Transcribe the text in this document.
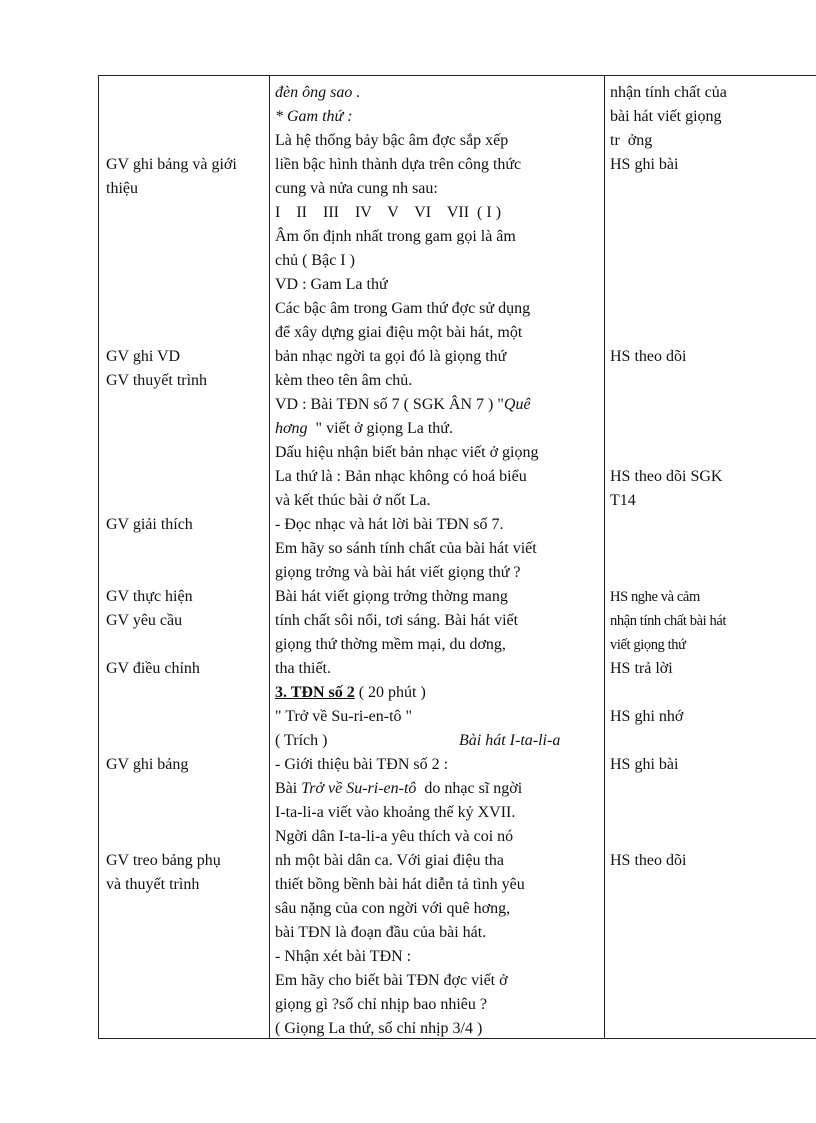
GV ghi bảng và giới
thiệu
GV ghi VD
GV thuyết trình
GV giải thích
GV thực hiện
GV yêu cầu
GV điều chỉnh
GV ghi bảng
GV treo bảng phụ
và thuyết trình
đèn ông sao .
* Gam thứ :
Là hệ thống bảy bậc âm đợc sắp xếp
liền bậc hình thành dựa trên công thức
cung và nửa cung nh sau:
I    II    III    IV    V    VI    VII  ( I )
Âm ổn định nhất trong gam gọi là âm
chủ ( Bậc I )
VD : Gam La thứ
Các bậc âm trong Gam thứ đợc sử dụng
để xây dựng giai điệu một bài hát, một
bản nhạc ngời ta gọi đó là giọng thứ
kèm theo tên âm chủ.
VD : Bài TĐN số 7 ( SGK ÂN 7 ) "Quê
hơng  " viết ở giọng La thứ.
Dấu hiệu nhận biết bản nhạc viết ở giọng
La thứ là : Bản nhạc không có hoá biểu
và kết thúc bài ở nốt La.
- Đọc nhạc và hát lời bài TĐN số 7.
Em hãy so sánh tính chất của bài hát viết
giọng trởng và bài hát viết giọng thứ ?
Bài hát viết giọng trởng thờng mang
tính chất sôi nổi, tơi sáng. Bài hát viết
giọng thứ thờng mềm mại, du dơng,
tha thiết.
3. TĐN số 2 ( 20 phút )
" Trở về Su-ri-en-tô "
( Trích )	Bài hát I-ta-li-a
- Giới thiệu bài TĐN số 2 :
Bài Trở về Su-ri-en-tô  do nhạc sĩ ngời
I-ta-li-a viết vào khoảng thế kỷ XVII.
Ngời dân I-ta-li-a yêu thích và coi nó
nh một bài dân ca. Với giai điệu tha
thiết bồng bềnh bài hát diễn tả tình yêu
sâu nặng của con ngời với quê hơng,
bài TĐN là đoạn đầu của bài hát.
- Nhận xét bài TĐN :
Em hãy cho biết bài TĐN đợc viết ở
giọng gì ?số chỉ nhịp bao nhiêu ?
( Giọng La thứ, số chỉ nhịp 3/4 )
nhận tính chất của
bài hát viết giọng
tr  ởng
HS ghi bài
HS theo dõi
HS theo dõi SGK
T14
HS nghe và cảm
nhận tính chất bài hát
viết giọng thứ
HS trả lời
HS ghi nhớ
HS ghi bài
HS theo dõi
